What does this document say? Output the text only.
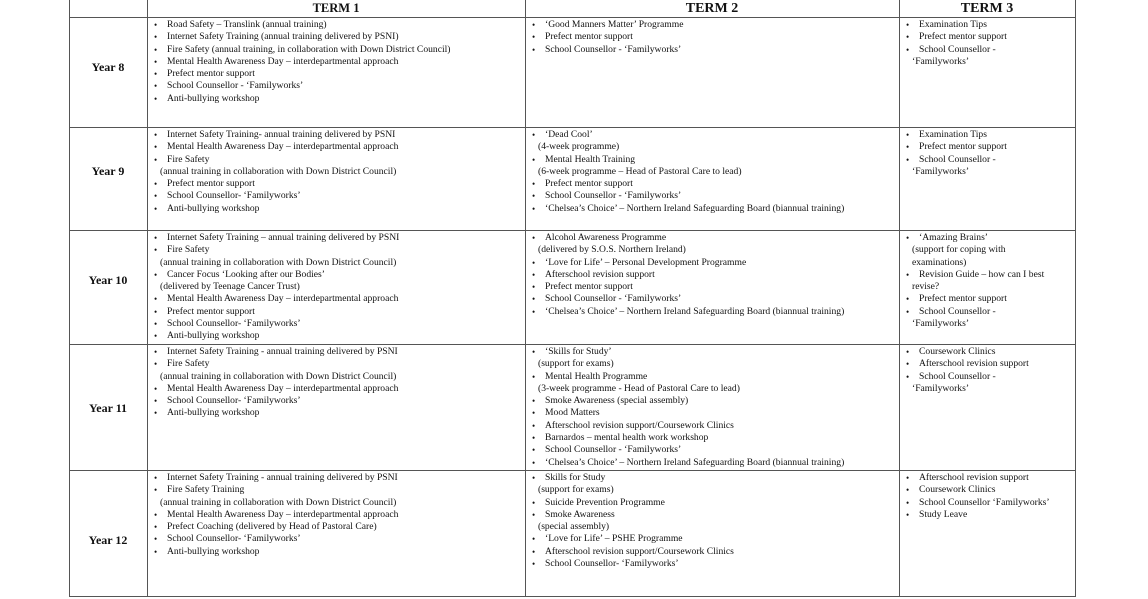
TERM 1	TERM 2	TERM 3
Year 8
Year 9
Year 10
Year 11
Year 12
• Road Safety – Translink (annual training)
• Internet Safety Training (annual training delivered by PSNI)
• Fire Safety (annual training, in collaboration with Down District Council)
• Mental Health Awareness Day – interdepartmental approach
• Prefect mentor support
• School Counsellor - ‘Familyworks’
• Anti-bullying workshop
• ‘Good Manners Matter’ Programme
• Prefect mentor support
• School Counsellor - ‘Familyworks’
• Examination Tips
• Prefect mentor support
• School Counsellor -
‘Familyworks’
• Internet Safety Training- annual training delivered by PSNI
• Mental Health Awareness Day – interdepartmental approach
• Fire Safety
(annual training in collaboration with Down District Council)
• Prefect mentor support
• School Counsellor- ‘Familyworks’
• Anti-bullying workshop
• ‘Dead Cool’
(4-week programme)
• Mental Health Training
(6-week programme – Head of Pastoral Care to lead)
• Prefect mentor support
• School Counsellor - ‘Familyworks’
• ‘Chelsea’s Choice’ – Northern Ireland Safeguarding Board (biannual training)
• Examination Tips
• Prefect mentor support
• School Counsellor -
‘Familyworks’
• Internet Safety Training – annual training delivered by PSNI
• Fire Safety
(annual training in collaboration with Down District Council)
• Cancer Focus ‘Looking after our Bodies’
(delivered by Teenage Cancer Trust)
• Mental Health Awareness Day – interdepartmental approach
• Prefect mentor support
• School Counsellor- ‘Familyworks’
• Anti-bullying workshop
• Alcohol Awareness Programme
(delivered by S.O.S. Northern Ireland)
• ‘Love for Life’ – Personal Development Programme
• Afterschool revision support
• Prefect mentor support
• School Counsellor - ‘Familyworks’
• ‘Chelsea’s Choice’ – Northern Ireland Safeguarding Board (biannual training)
• ‘Amazing Brains’
(support for coping with
examinations)
• Revision Guide – how can I best
revise?
• Prefect mentor support
• School Counsellor -
‘Familyworks’
• Internet Safety Training - annual training delivered by PSNI
• Fire Safety
(annual training in collaboration with Down District Council)
• Mental Health Awareness Day – interdepartmental approach
• School Counsellor- ‘Familyworks’
• Anti-bullying workshop
• ‘Skills for Study’
(support for exams)
• Mental Health Programme
(3-week programme - Head of Pastoral Care to lead)
• Smoke Awareness (special assembly)
• Mood Matters
• Afterschool revision support/Coursework Clinics
• Barnardos – mental health work workshop
• School Counsellor - ‘Familyworks’
• ‘Chelsea’s Choice’ – Northern Ireland Safeguarding Board (biannual training)
• Coursework Clinics
• Afterschool revision support
• School Counsellor -
‘Familyworks’
• Internet Safety Training - annual training delivered by PSNI
• Fire Safety Training
(annual training in collaboration with Down District Council)
• Mental Health Awareness Day – interdepartmental approach
• Prefect Coaching (delivered by Head of Pastoral Care)
• School Counsellor- ‘Familyworks’
• Anti-bullying workshop
• Skills for Study
(support for exams)
• Suicide Prevention Programme
• Smoke Awareness
(special assembly)
• ‘Love for Life’ – PSHE Programme
• Afterschool revision support/Coursework Clinics
• School Counsellor- ‘Familyworks’
• Afterschool revision support
• Coursework Clinics
• School Counsellor ‘Familyworks’
• Study Leave
